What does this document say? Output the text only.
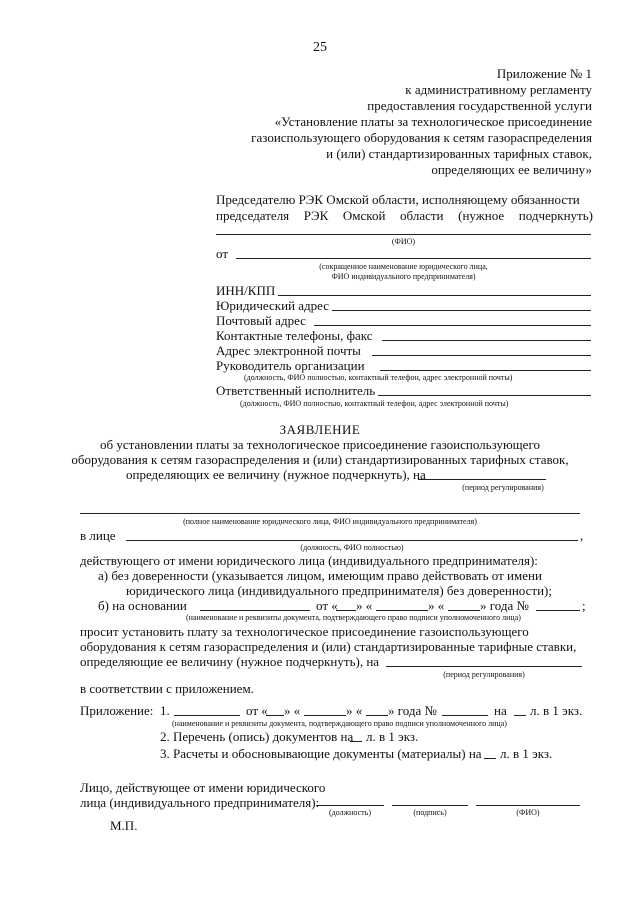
25
Приложение № 1
к административному регламенту
предоставления государственной услуги
«Установление платы за технологическое присоединение
газоиспользующего оборудования к сетям газораспределения
и (или) стандартизированных тарифных ставок,
определяющих ее величину»
Председателю РЭК Омской области, исполняющему обязанности
председателя РЭК Омской области (нужное подчеркнуть)
(ФИО)
от
(сокращенное наименование юридического лица,
ФИО индивидуального предпринимателя)
ИНН/КПП
Юридический адрес
Почтовый адрес
Контактные телефоны, факс
Адрес электронной почты
Руководитель организации
(должность, ФИО полностью, контактный телефон, адрес электронной почты)
Ответственный исполнитель
(должность, ФИО полностью, контактный телефон, адрес электронной почты)
ЗАЯВЛЕНИЕ
об установлении платы за технологическое присоединение газоиспользующего
оборудования к сетям газораспределения и (или) стандартизированных тарифных ставок,
определяющих ее величину (нужное подчеркнуть), на
(период регулирования)
(полное наименование юридического лица, ФИО индивидуального предпринимателя)
в лице	,
(должность, ФИО полностью)
действующего от имени юридического лица (индивидуального предпринимателя):
а) без доверенности (указывается лицом, имеющим право действовать от имени
юридического лица (индивидуального предпринимателя) без доверенности);
б) на основании	от « » «	» «	» года №	;
(наименование и реквизиты документа, подтверждающего право подписи уполномоченного лица)
просит установить плату за технологическое присоединение газоиспользующего
оборудования к сетям газораспределения и (или) стандартизированные тарифные ставки,
определяющие ее величину (нужное подчеркнуть), на
(период регулирования)
в соответствии с приложением.
Приложение: 1.	от « » «	» « » года №	на л. в 1 экз.
(наименование и реквизиты документа, подтверждающего право подписи уполномоченного лица)
2. Перечень (опись) документов на л. в 1 экз.
3. Расчеты и обосновывающие документы (материалы) на л. в 1 экз.
Лицо, действующее от имени юридического
лица (индивидуального предпринимателя):
(должность)	(подпись)	(ФИО)
М.П.
